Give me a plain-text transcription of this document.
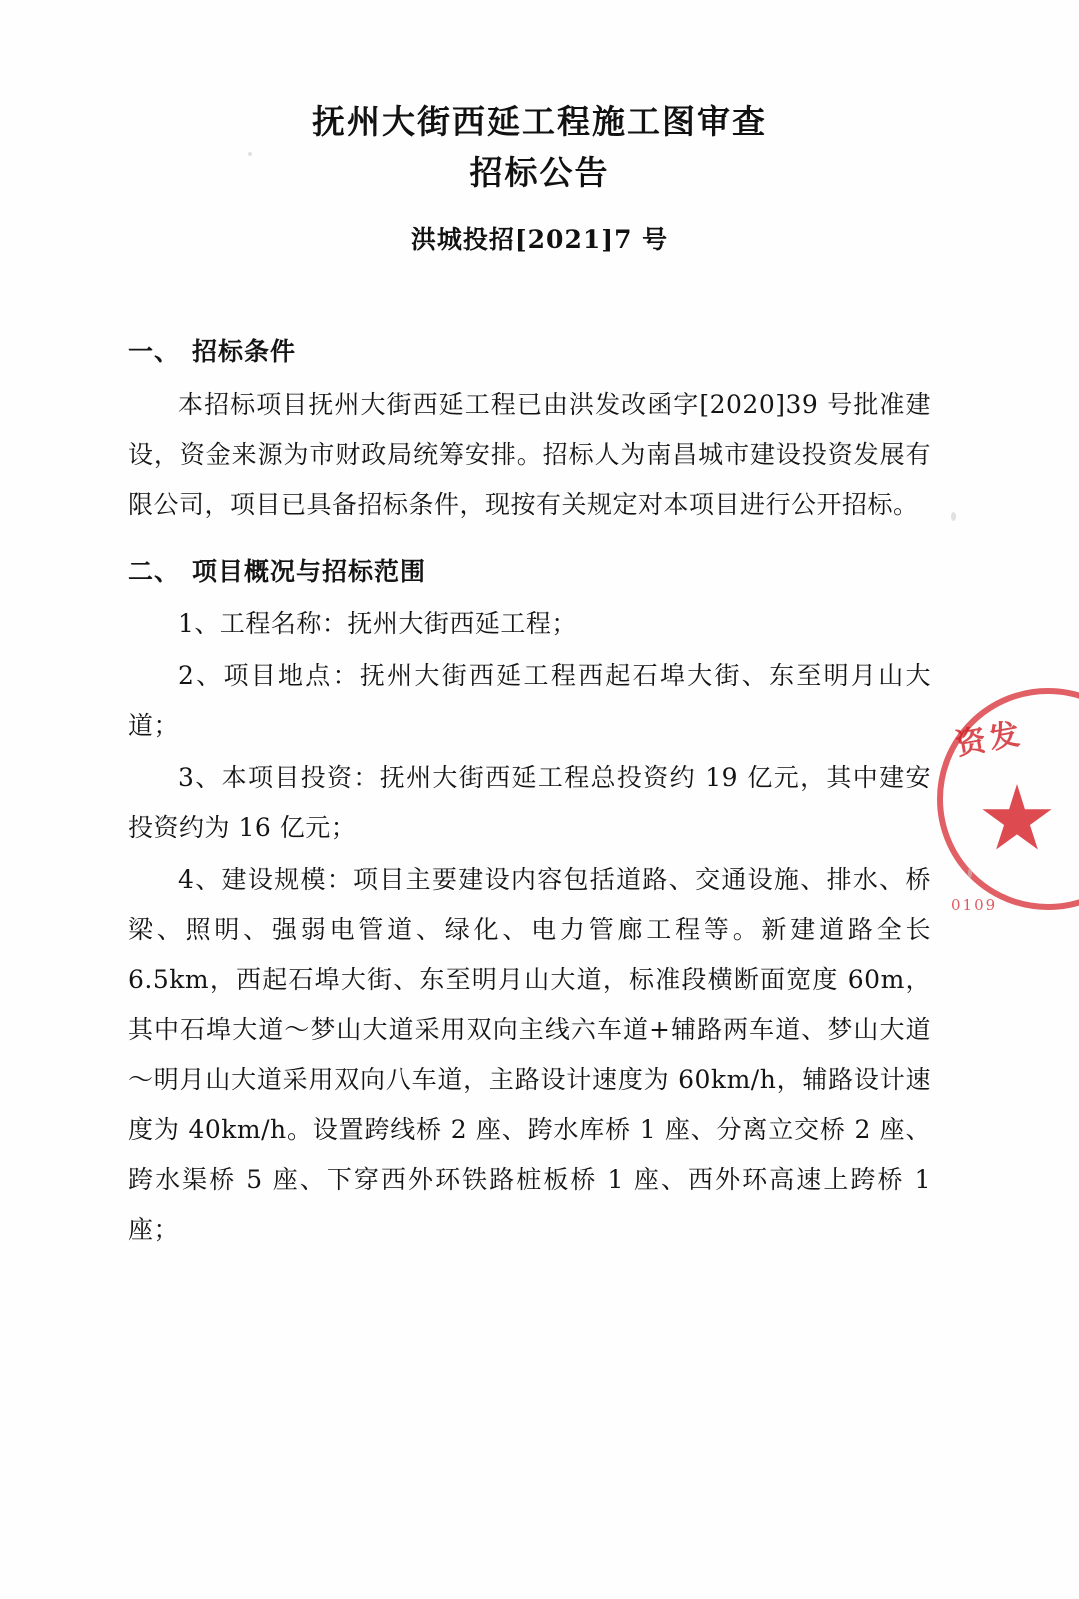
抚州大街西延工程施工图审查
招标公告
洪城投招[2021]7 号
一、 招标条件

本招标项目抚州大街西延工程已由洪发改函字[2020]39 号批准建设，资金来源为市财政局统筹安排。招标人为南昌城市建设投资发展有限公司，项目已具备招标条件，现按有关规定对本项目进行公开招标。

二、 项目概况与招标范围

1、工程名称：抚州大街西延工程；

2、项目地点：抚州大街西延工程西起石埠大街、东至明月山大道；

3、本项目投资：抚州大街西延工程总投资约 19 亿元，其中建安投资约为 16 亿元；

4、建设规模：项目主要建设内容包括道路、交通设施、排水、桥梁、照明、强弱电管道、绿化、电力管廊工程等。新建道路全长 6.5km，西起石埠大街、东至明月山大道，标准段横断面宽度 60m，其中石埠大道～梦山大道采用双向主线六车道+辅路两车道、梦山大道～明月山大道采用双向八车道，主路设计速度为 60km/h，辅路设计速度为 40km/h。设置跨线桥 2 座、跨水库桥 1 座、分离立交桥 2 座、跨水渠桥 5 座、下穿西外环铁路桩板桥 1 座、西外环高速上跨桥 1 座；

资发
0109
